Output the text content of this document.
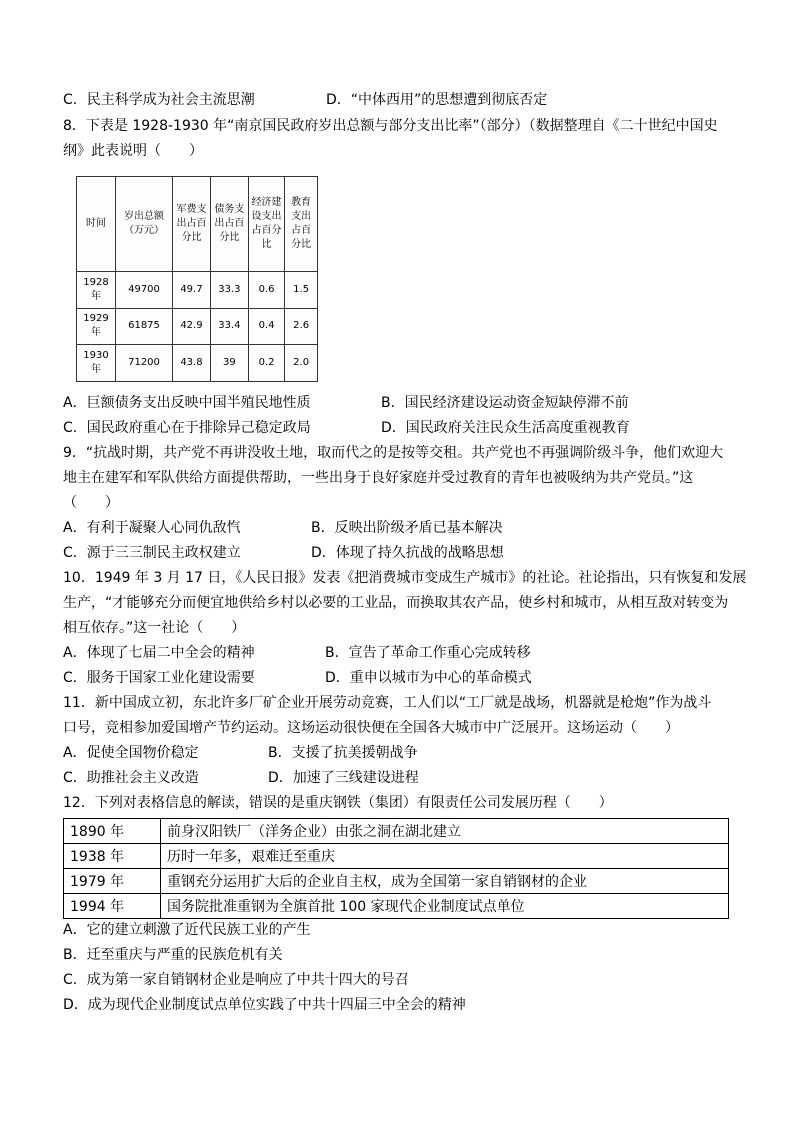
C．民主科学成为社会主流思潮	D．“中体西用”的思想遭到彻底否定
8．下表是 1928-1930 年“南京国民政府岁出总额与部分支出比率”（部分）（数据整理自《二十世纪中国史
纲》此表说明（　　）
时间	岁出总额（万元）	军费支出占百分比	债务支出占百分比	经济建设支出占百分比	教育支出占百分比
1928年	49700	49.7	33.3	0.6	1.5
1929年	61875	42.9	33.4	0.4	2.6
1930年	71200	43.8	39	0.2	2.0
A．巨额债务支出反映中国半殖民地性质	B．国民经济建设运动资金短缺停滞不前
C．国民政府重心在于排除异己稳定政局	D．国民政府关注民众生活高度重视教育
9．“抗战时期，共产党不再讲没收土地，取而代之的是按等交租。共产党也不再强调阶级斗争，他们欢迎大
地主在建军和军队供给方面提供帮助，一些出身于良好家庭并受过教育的青年也被吸纳为共产党员。”这
（　　）
A．有利于凝聚人心同仇敌忾	B．反映出阶级矛盾已基本解决
C．源于三三制民主政权建立	D．体现了持久抗战的战略思想
10．1949 年 3 月 17 日，《人民日报》发表《把消费城市变成生产城市》的社论。社论指出，只有恢复和发展
生产，“才能够充分而便宜地供给乡村以必要的工业品，而换取其农产品，使乡村和城市，从相互敌对转变为
相互依存。”这一社论（　　）
A．体现了七届二中全会的精神	B．宣告了革命工作重心完成转移
C．服务于国家工业化建设需要	D．重申以城市为中心的革命模式
11．新中国成立初，东北许多厂矿企业开展劳动竞赛，工人们以“工厂就是战场，机器就是枪炮”作为战斗
口号，竞相参加爱国增产节约运动。这场运动很快便在全国各大城市中广泛展开。这场运动（　　）
A．促使全国物价稳定	B．支援了抗美援朝战争
C．助推社会主义改造	D．加速了三线建设进程
12．下列对表格信息的解读，错误的是重庆钢铁（集团）有限责任公司发展历程（　　）
1890 年	前身汉阳铁厂（洋务企业）由张之洞在湖北建立
1938 年	历时一年多，艰难迁至重庆
1979 年	重钢充分运用扩大后的企业自主权，成为全国第一家自销钢材的企业
1994 年	国务院批准重钢为全旗首批 100 家现代企业制度试点单位
A．它的建立刺激了近代民族工业的产生
B．迁至重庆与严重的民族危机有关
C．成为第一家自销钢材企业是响应了中共十四大的号召
D．成为现代企业制度试点单位实践了中共十四届三中全会的精神
